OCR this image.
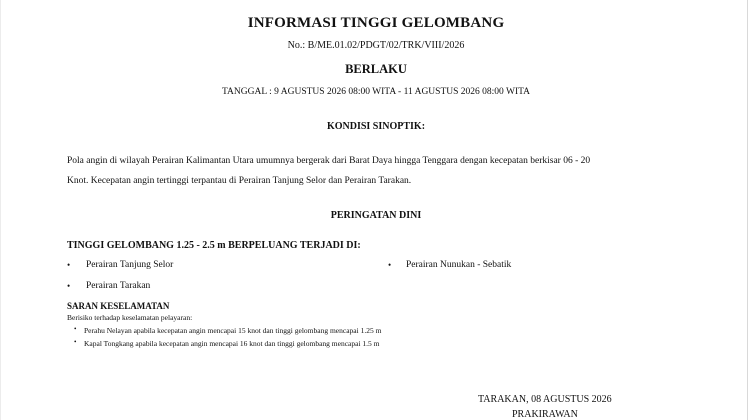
INFORMASI TINGGI GELOMBANG
No.: B/ME.01.02/PDGT/02/TRK/VIII/2026
BERLAKU
TANGGAL : 9 AGUSTUS 2026 08:00 WITA - 11 AGUSTUS 2026 08:00 WITA
KONDISI SINOPTIK:
Pola angin di wilayah Perairan Kalimantan Utara umumnya bergerak dari Barat Daya hingga Tenggara dengan kecepatan berkisar 06 - 20
Knot. Kecepatan angin tertinggi terpantau di Perairan Tanjung Selor dan Perairan Tarakan.
PERINGATAN DINI
TINGGI GELOMBANG 1.25 - 2.5 m BERPELUANG TERJADI DI:
• Perairan Tanjung Selor	• Perairan Nunukan - Sebatik
• Perairan Tarakan
SARAN KESELAMATAN
Berisiko terhadap keselamatan pelayaran:
• Perahu Nelayan apabila kecepatan angin mencapai 15 knot dan tinggi gelombang mencapai 1.25 m
• Kapal Tongkang apabila kecepatan angin mencapai 16 knot dan tinggi gelombang mencapai 1.5 m
TARAKAN, 08 AGUSTUS 2026
PRAKIRAWAN
